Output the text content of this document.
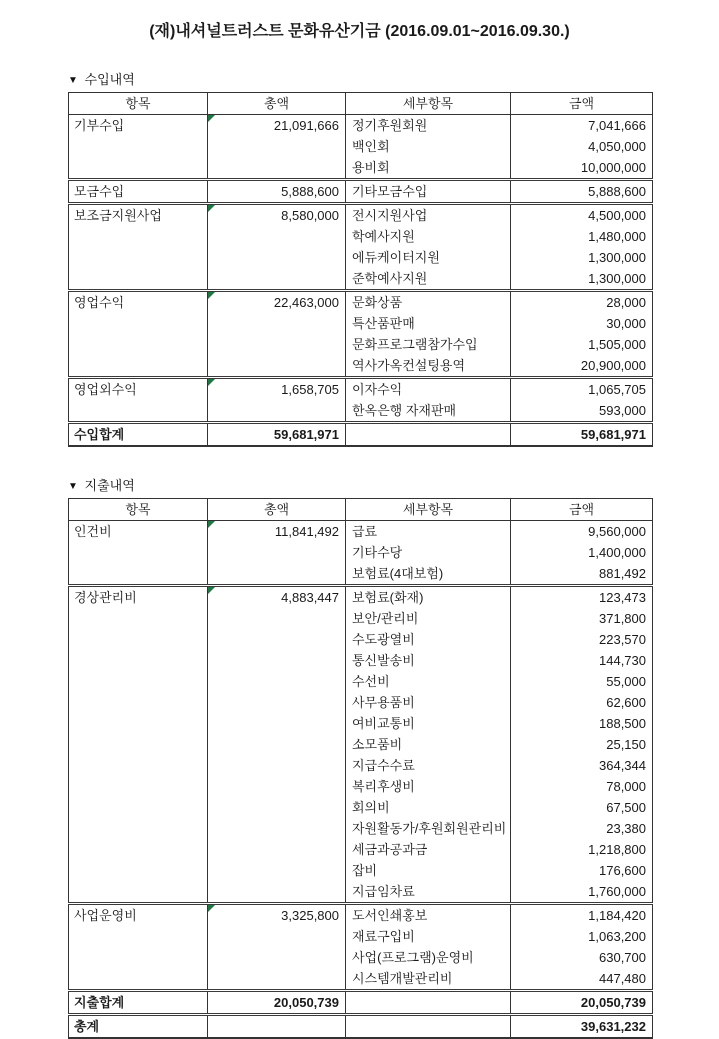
(재)내셔널트러스트 문화유산기금 (2016.09.01~2016.09.30.)
▼ 수입내역
항목	총액	세부항목	금액
기부수입	21,091,666	정기후원회원	7,041,666
		백인회	4,050,000
		용비회	10,000,000
모금수입	5,888,600	기타모금수입	5,888,600
보조금지원사업	8,580,000	전시지원사업	4,500,000
		학예사지원	1,480,000
		에듀케이터지원	1,300,000
		준학예사지원	1,300,000
영업수익	22,463,000	문화상품	28,000
		특산품판매	30,000
		문화프로그램참가수입	1,505,000
		역사가옥컨설팅용역	20,900,000
영업외수익	1,658,705	이자수익	1,065,705
		한옥은행 자재판매	593,000
수입합계	59,681,971		59,681,971
▼ 지출내역
항목	총액	세부항목	금액
인건비	11,841,492	급료	9,560,000
		기타수당	1,400,000
		보험료(4대보험)	881,492
경상관리비	4,883,447	보험료(화재)	123,473
		보안/관리비	371,800
		수도광열비	223,570
		통신발송비	144,730
		수선비	55,000
		사무용품비	62,600
		여비교통비	188,500
		소모품비	25,150
		지급수수료	364,344
		복리후생비	78,000
		회의비	67,500
		자원활동가/후원회원관리비	23,380
		세금과공과금	1,218,800
		잡비	176,600
		지급임차료	1,760,000
사업운영비	3,325,800	도서인쇄홍보	1,184,420
		재료구입비	1,063,200
		사업(프로그램)운영비	630,700
		시스템개발관리비	447,480
지출합계	20,050,739		20,050,739
총계			39,631,232
